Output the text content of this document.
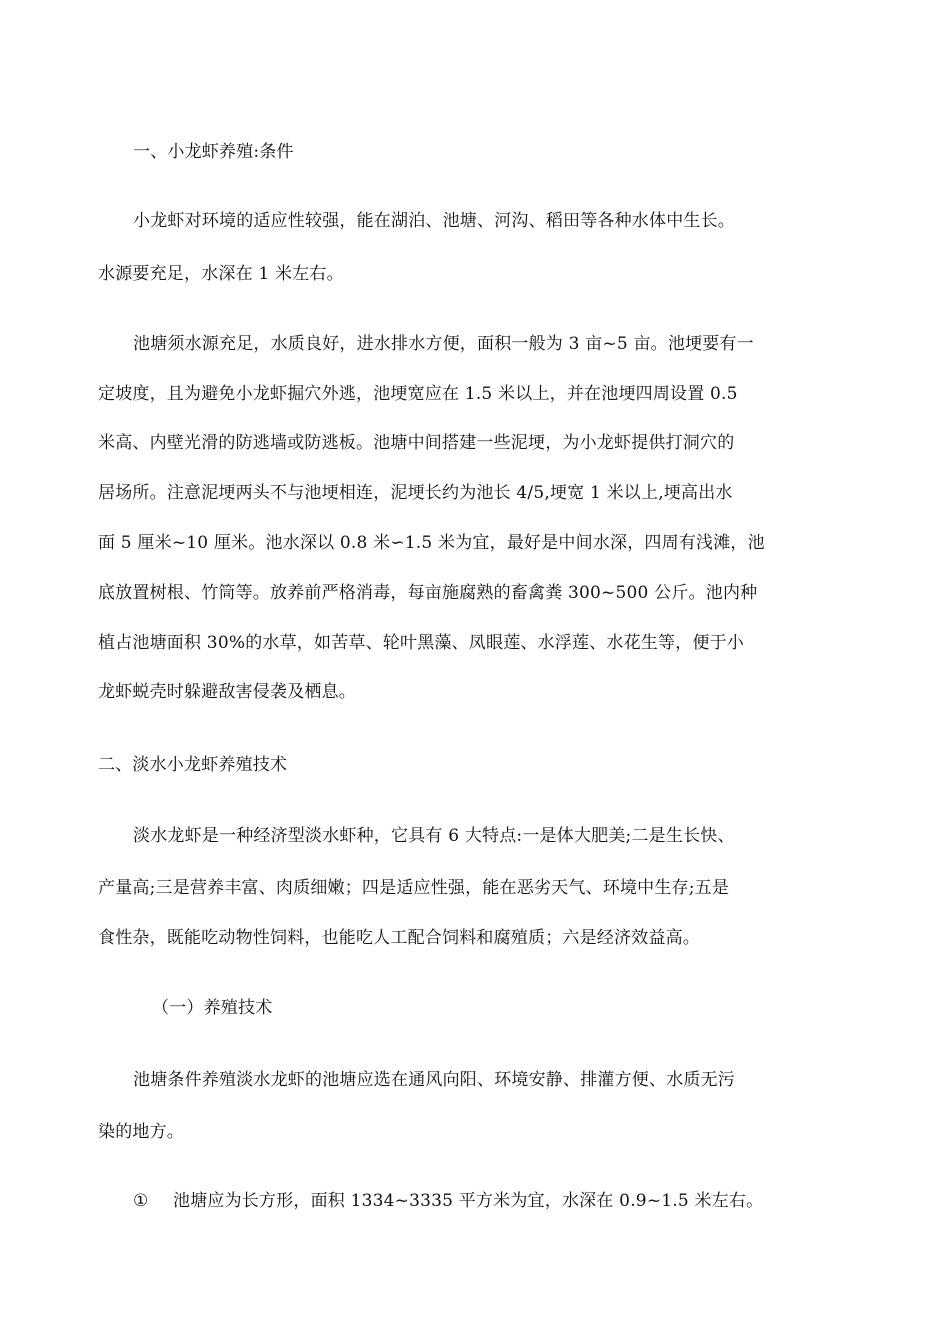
一、小龙虾养殖:条件
小龙虾对环境的适应性较强，能在湖泊、池塘、河沟、稻田等各种水体中生长。
水源要充足，水深在 1 米左右。
池塘须水源充足，水质良好，进水排水方便，面积一般为 3 亩~5 亩。池埂要有一
定坡度，且为避免小龙虾掘穴外逃，池埂宽应在 1.5 米以上，并在池埂四周设置 0.5
米高、内壁光滑的防逃墙或防逃板。池塘中间搭建一些泥埂，为小龙虾提供打洞穴的
居场所。注意泥埂两头不与池埂相连，泥埂长约为池长 4/5,埂宽 1 米以上,埂高出水
面 5 厘米~10 厘米。池水深以 0.8 米∽1.5 米为宜，最好是中间水深，四周有浅滩，池
底放置树根、竹筒等。放养前严格消毒，每亩施腐熟的畜禽粪 300~500 公斤。池内种
植占池塘面积 30%的水草，如苦草、轮叶黑藻、凤眼莲、水浮莲、水花生等，便于小
龙虾蜕壳时躲避敌害侵袭及栖息。
二、淡水小龙虾养殖技术
淡水龙虾是一种经济型淡水虾种，它具有 6 大特点:一是体大肥美;二是生长快、
产量高;三是营养丰富、肉质细嫩；四是适应性强，能在恶劣天气、环境中生存;五是
食性杂，既能吃动物性饲料，也能吃人工配合饲料和腐殖质；六是经济效益高。
（一）养殖技术
池塘条件养殖淡水龙虾的池塘应选在通风向阳、环境安静、排灌方便、水质无污
染的地方。
① 池塘应为长方形，面积 1334~3335 平方米为宜，水深在 0.9~1.5 米左右。
